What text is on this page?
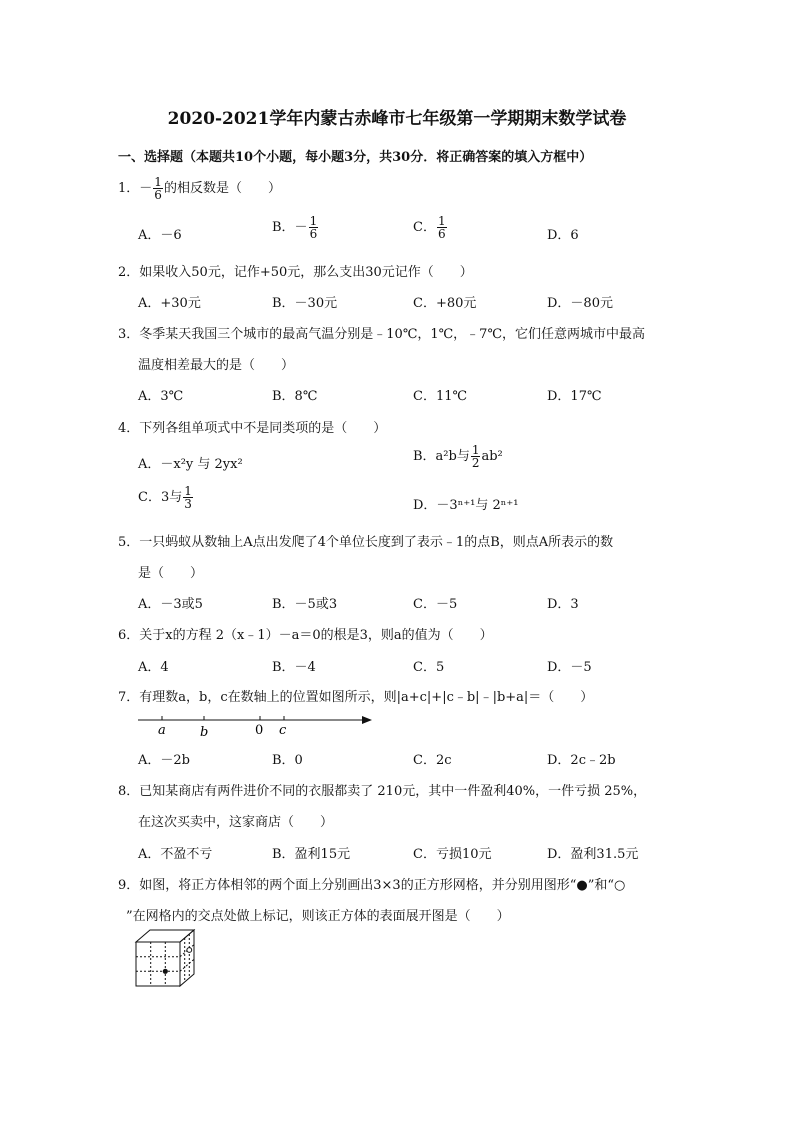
2020-2021学年内蒙古赤峰市七年级第一学期期末数学试卷
一、选择题（本题共10个小题，每小题3分，共30分．将正确答案的填入方框中）
1．－ $\frac{1}{6}$ 的相反数是（　　）
A．－6
B．－ $\frac{1}{6}$	C． $\frac{1}{6}$	D．6
2．如果收入50元，记作+50元，那么支出30元记作（　　）
A．+30元	B．－30元	C．+80元	D．－80元
3．冬季某天我国三个城市的最高气温分别是﹣10℃，1℃，﹣7℃，它们任意两城市中最高
温度相差最大的是（　　）
A．3℃	B．8℃	C．11℃	D．17℃
4．下列各组单项式中不是同类项的是（　　）
A．－x²y 与 2yx²
B．a²b与 $\frac{1}{2} ab^2$
C．3与 $\frac{1}{3}$	D．－3ⁿ⁺¹与 2ⁿ⁺¹
5．一只蚂蚁从数轴上A点出发爬了4个单位长度到了表示﹣1的点B，则点A所表示的数
是（　　）
A．－3或5	B．－5或3	C．－5	D．3
6．关于x的方程 2（x﹣1）－a＝0的根是3，则a的值为（　　）
A．4	B．－4	C．5	D．－5
7．有理数a，b，c在数轴上的位置如图所示，则|a+c|+|c﹣b|﹣|b+a|＝（　　）
a	b	0 c
A．－2b	B．0	C．2c	D．2c﹣2b
8．已知某商店有两件进价不同的衣服都卖了 210元，其中一件盈利40%，一件亏损 25%，
在这次买卖中，这家商店（　　）
A．不盈不亏	B．盈利15元	C．亏损10元	D．盈利31.5元
9．如图，将正方体相邻的两个面上分别画出3×3的正方形网格，并分别用图形“●”和“○
”在网格内的交点处做上标记，则该正方体的表面展开图是（　　）
